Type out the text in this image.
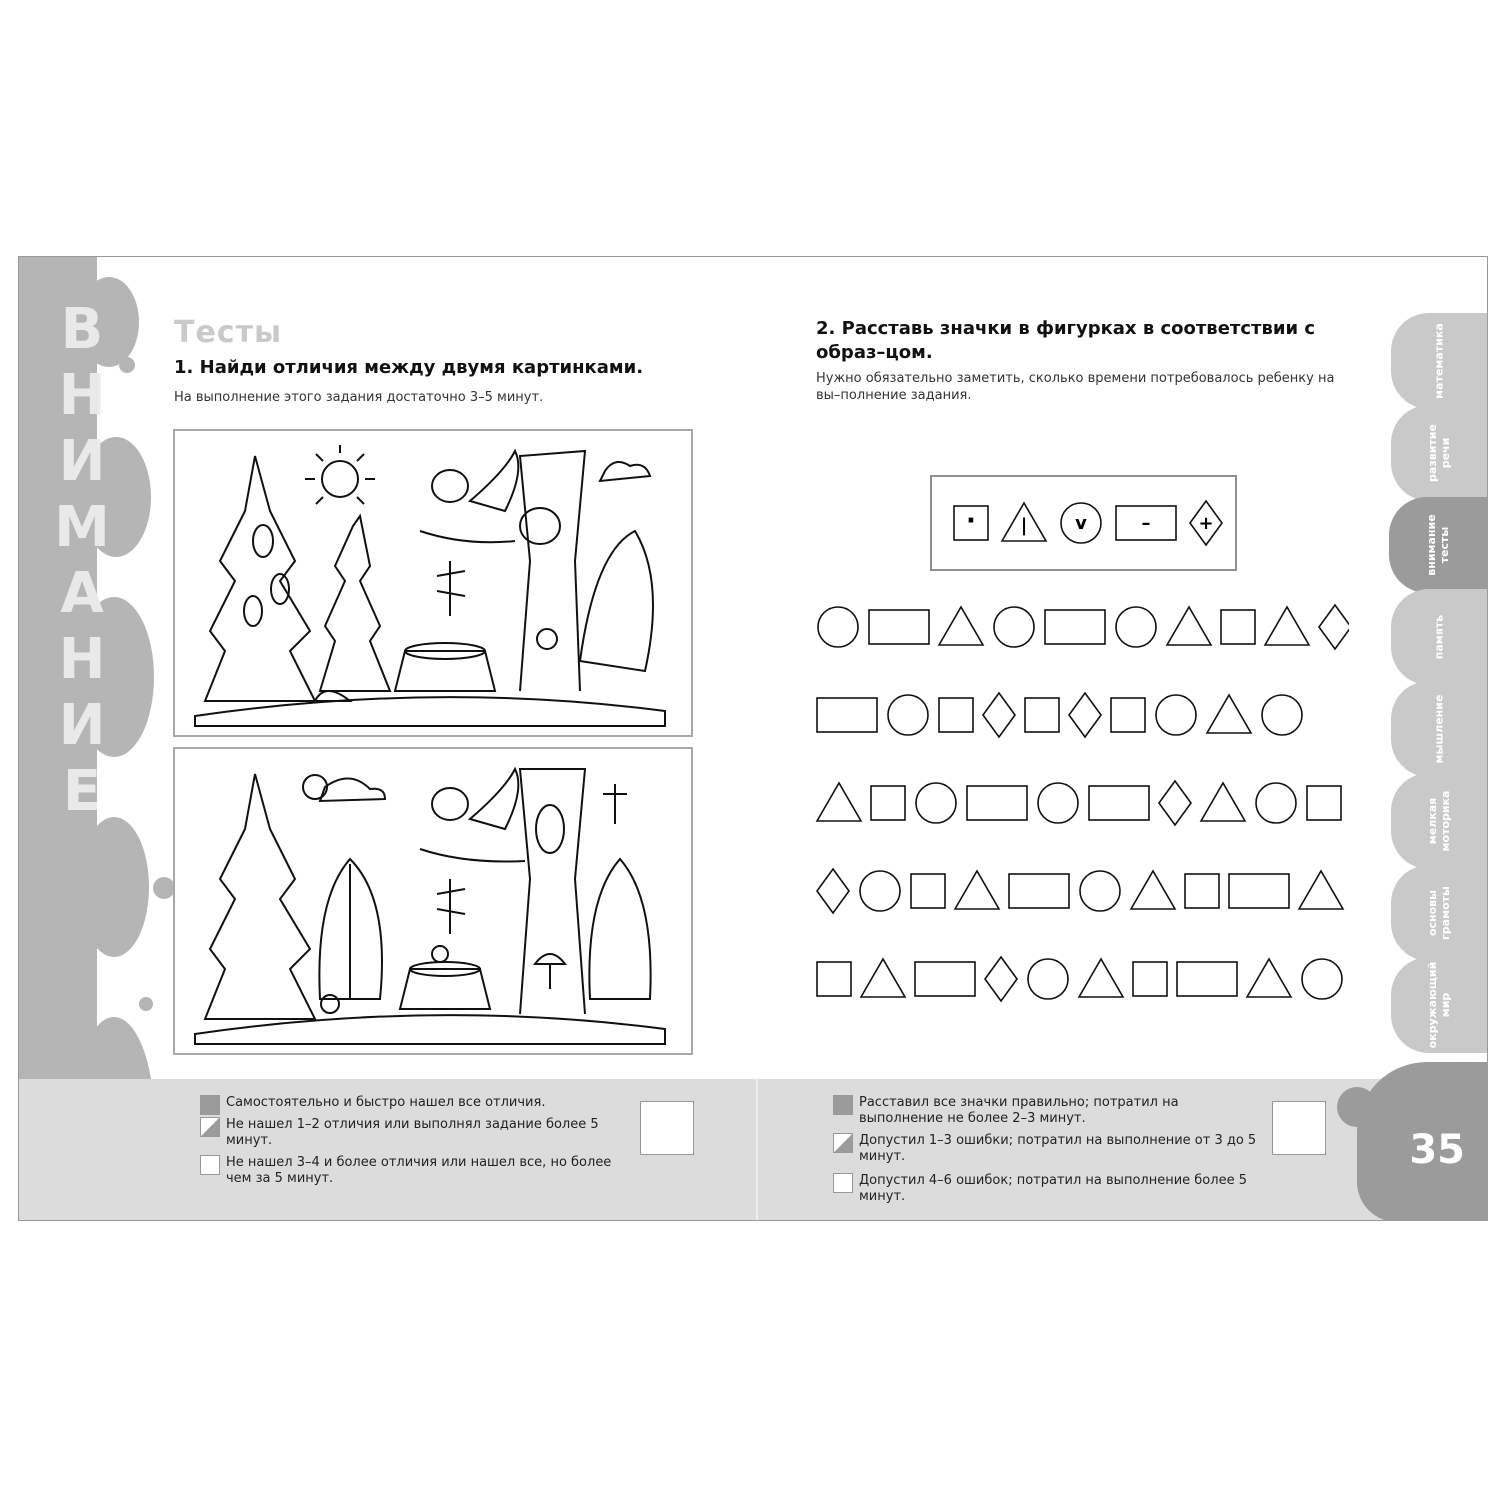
В
Н
И
М
А
Н
И
Е
математика
развитие речи
внимание тесты
память
мышление
мелкая моторика
основы грамоты
окружающий мир
Тесты
1. Найди отличия между двумя картинками.
На выполнение этого задания достаточно 3–5 минут.
2. Расставь значки в фигурках в соответствии с образ–цом.
Нужно обязательно заметить, сколько времени потребовалось ребенку на вы–полнение задания.
· |	v	–	+
Самостоятельно и быстро нашел все отличия.
Не нашел 1–2 отличия или выполнял задание более 5 минут.
Не нашел 3–4 и более отличия или нашел все, но более чем за 5 минут.
Расставил все значки правильно; потратил на выполнение не более 2–3 минут.
Допустил 1–3 ошибки; потратил на выполнение от 3 до 5 минут.
Допустил 4–6 ошибок; потратил на выполнение более 5 минут.
35
